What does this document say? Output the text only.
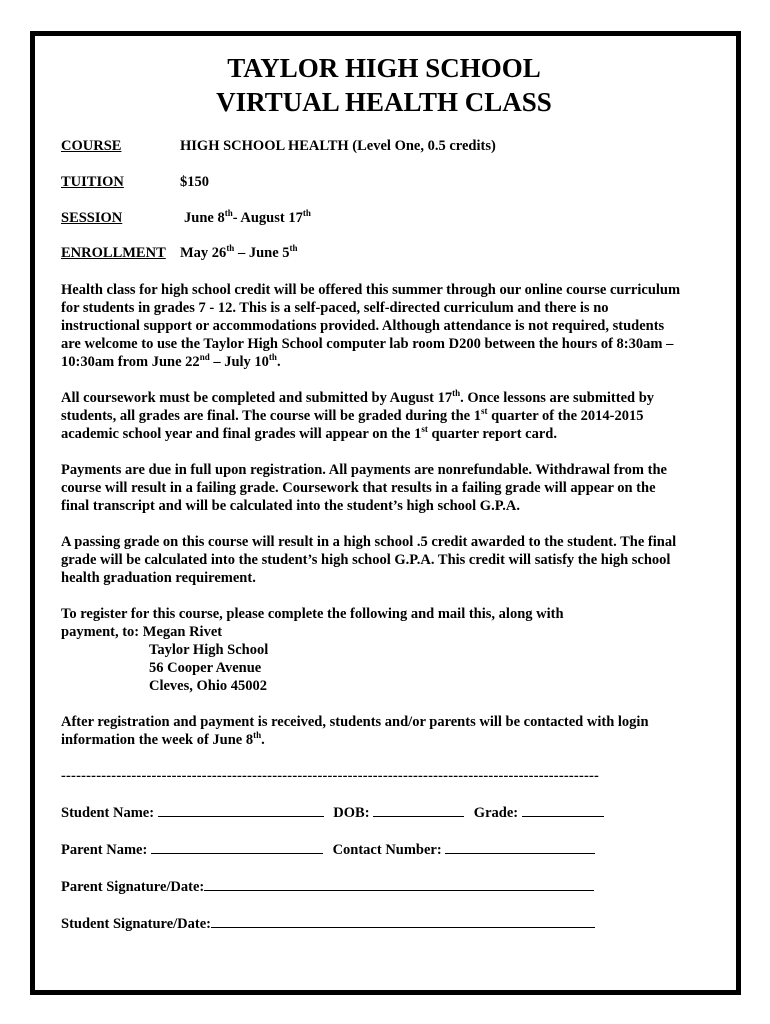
TAYLOR HIGH SCHOOL
VIRTUAL HEALTH CLASS
COURSE	HIGH SCHOOL HEALTH (Level One, 0.5 credits)
TUITION	$150
SESSION	June 8th- August 17th
ENROLLMENT May 26th – June 5th

Health class for high school credit will be offered this summer through our online course curriculum for students in grades 7 - 12. This is a self-paced, self-directed curriculum and there is no instructional support or accommodations provided. Although attendance is not required, students are welcome to use the Taylor High School computer lab room D200 between the hours of 8:30am – 10:30am from June 22nd – July 10th.

All coursework must be completed and submitted by August 17th. Once lessons are submitted by students, all grades are final. The course will be graded during the 1st quarter of the 2014-2015 academic school year and final grades will appear on the 1st quarter report card.

Payments are due in full upon registration. All payments are nonrefundable. Withdrawal from the course will result in a failing grade. Coursework that results in a failing grade will appear on the final transcript and will be calculated into the student’s high school G.P.A.

A passing grade on this course will result in a high school .5 credit awarded to the student. The final grade will be calculated into the student’s high school G.P.A. This credit will satisfy the high school health graduation requirement.

To register for this course, please complete the following and mail this, along with

payment, to: Megan Rivet

Taylor High School

56 Cooper Avenue

Cleves, Ohio 45002

After registration and payment is received, students and/or parents will be contacted with login information the week of June 8th.

-----------------------------------------------------------------------------------------------------------
Student Name:	DOB:	Grade:
Parent Name:	Contact Number:
Parent Signature/Date:
Student Signature/Date:
